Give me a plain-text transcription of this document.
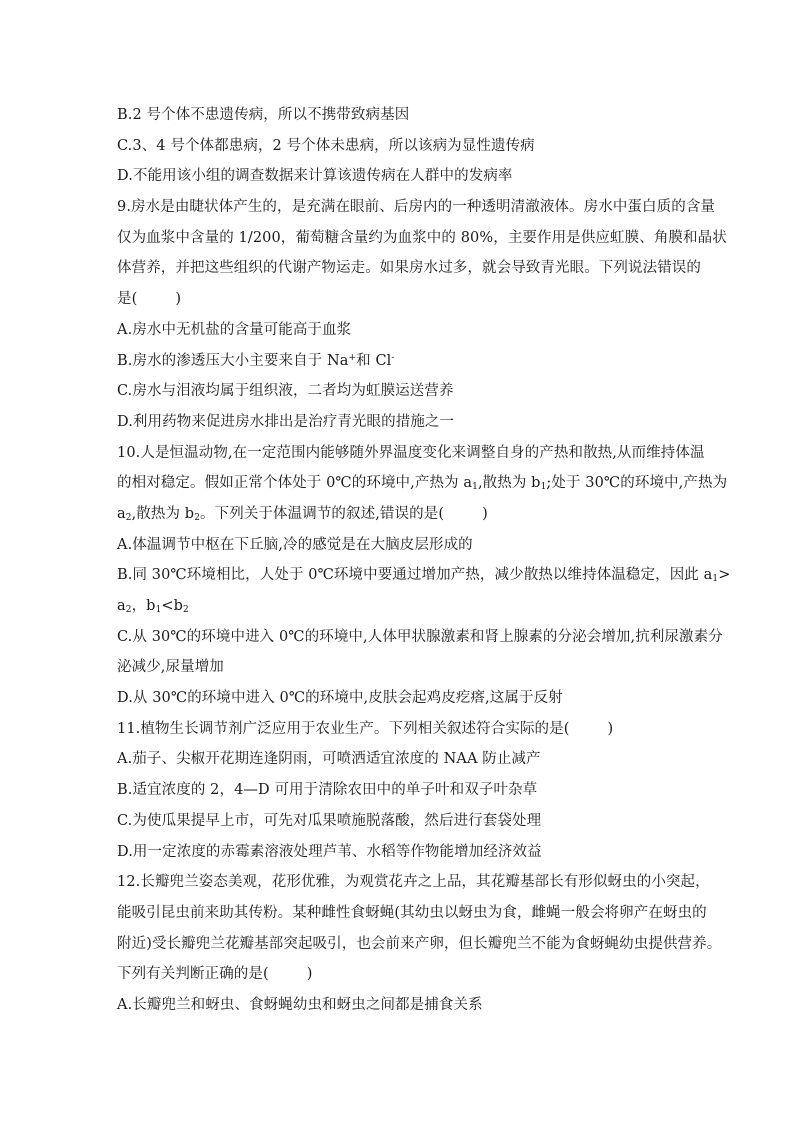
B.2 号个体不患遗传病，所以不携带致病基因
C.3、4 号个体都患病，2 号个体未患病，所以该病为显性遗传病
D.不能用该小组的调查数据来计算该遗传病在人群中的发病率
9.房水是由睫状体产生的，是充满在眼前、后房内的一种透明清澈液体。房水中蛋白质的含量
仅为血浆中含量的 1/200，葡萄糖含量约为血浆中的 80%，主要作用是供应虹膜、角膜和晶状
体营养，并把这些组织的代谢产物运走。如果房水过多，就会导致青光眼。下列说法错误的
是(	)
A.房水中无机盐的含量可能高于血浆
B.房水的渗透压大小主要来自于 Na+和 Cl-
C.房水与泪液均属于组织液，二者均为虹膜运送营养
D.利用药物来促进房水排出是治疗青光眼的措施之一
10.人是恒温动物,在一定范围内能够随外界温度变化来调整自身的产热和散热,从而维持体温
的相对稳定。假如正常个体处于 0℃的环境中,产热为 $a_1$,散热为 $b_1$;处于 30℃的环境中,产热为
$a_2$,散热为 $b_2$。下列关于体温调节的叙述,错误的是(	)
A.体温调节中枢在下丘脑,冷的感觉是在大脑皮层形成的
B.同 30℃环境相比，人处于 0℃环境中要通过增加产热，减少散热以维持体温稳定，因此 $a_1>$
$a_2$，$b_1<b_2$
C.从 30℃的环境中进入 0℃的环境中,人体甲状腺激素和肾上腺素的分泌会增加,抗利尿激素分
泌减少,尿量增加
D.从 30℃的环境中进入 0℃的环境中,皮肤会起鸡皮疙瘩,这属于反射
11.植物生长调节剂广泛应用于农业生产。下列相关叙述符合实际的是(	)
A.茄子、尖椒开花期连逢阴雨，可喷洒适宜浓度的 NAA 防止减产
B.适宜浓度的 2，4—D 可用于清除农田中的单子叶和双子叶杂草
C.为使瓜果提早上市，可先对瓜果喷施脱落酸，然后进行套袋处理
D.用一定浓度的赤霉素溶液处理芦苇、水稻等作物能增加经济效益
12.长瓣兜兰姿态美观，花形优雅，为观赏花卉之上品，其花瓣基部长有形似蚜虫的小突起，
能吸引昆虫前来助其传粉。某种雌性食蚜蝇(其幼虫以蚜虫为食，雌蝇一般会将卵产在蚜虫的
附近)受长瓣兜兰花瓣基部突起吸引，也会前来产卵，但长瓣兜兰不能为食蚜蝇幼虫提供营养。
下列有关判断正确的是(	)
A.长瓣兜兰和蚜虫、食蚜蝇幼虫和蚜虫之间都是捕食关系
